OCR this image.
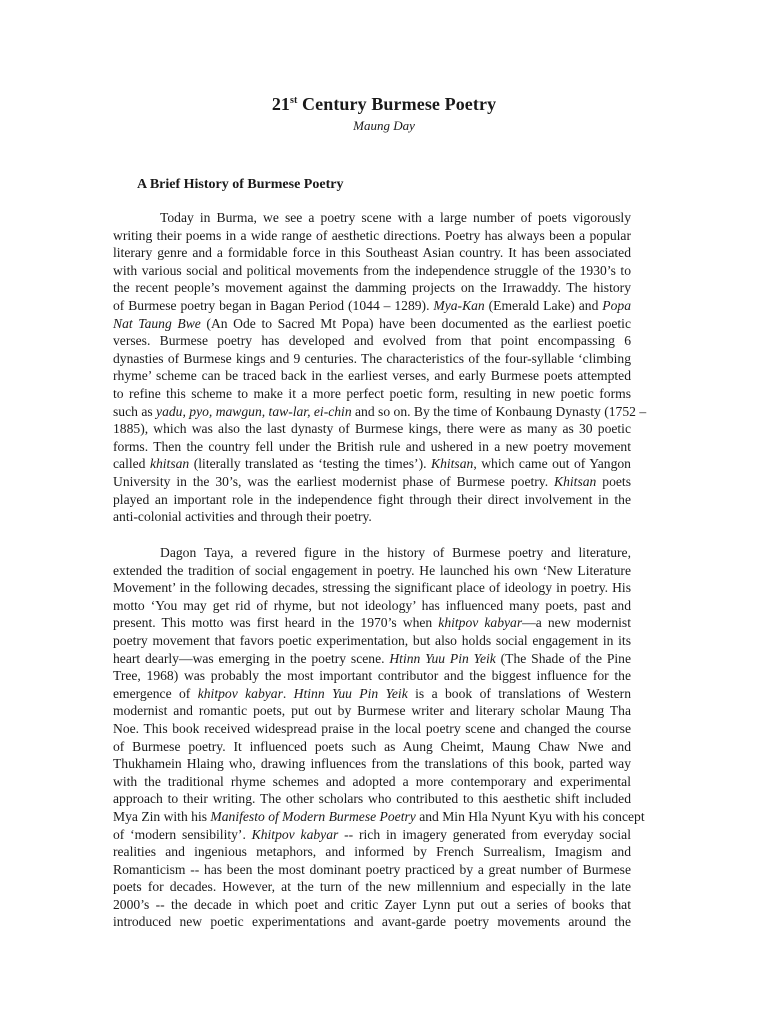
21st Century Burmese Poetry
Maung Day
A Brief History of Burmese Poetry
Today in Burma, we see a poetry scene with a large number of poets vigorously
writing their poems in a wide range of aesthetic directions. Poetry has always been a popular
literary genre and a formidable force in this Southeast Asian country. It has been associated
with various social and political movements from the independence struggle of the 1930’s to
the recent people’s movement against the damming projects on the Irrawaddy. The history
of Burmese poetry began in Bagan Period (1044 – 1289). Mya-Kan (Emerald Lake) and Popa
Nat Taung Bwe (An Ode to Sacred Mt Popa) have been documented as the earliest poetic
verses. Burmese poetry has developed and evolved from that point encompassing 6
dynasties of Burmese kings and 9 centuries. The characteristics of the four-syllable ‘climbing
rhyme’ scheme can be traced back in the earliest verses, and early Burmese poets attempted
to refine this scheme to make it a more perfect poetic form, resulting in new poetic forms
such as yadu, pyo, mawgun, taw-lar, ei-chin and so on. By the time of Konbaung Dynasty (1752 –
1885), which was also the last dynasty of Burmese kings, there were as many as 30 poetic
forms. Then the country fell under the British rule and ushered in a new poetry movement
called khitsan (literally translated as ‘testing the times’). Khitsan, which came out of Yangon
University in the 30’s, was the earliest modernist phase of Burmese poetry. Khitsan poets
played an important role in the independence fight through their direct involvement in the
anti-colonial activities and through their poetry.
Dagon Taya, a revered figure in the history of Burmese poetry and literature,
extended the tradition of social engagement in poetry. He launched his own ‘New Literature
Movement’ in the following decades, stressing the significant place of ideology in poetry. His
motto ‘You may get rid of rhyme, but not ideology’ has influenced many poets, past and
present. This motto was first heard in the 1970’s when khitpov kabyar—a new modernist
poetry movement that favors poetic experimentation, but also holds social engagement in its
heart dearly—was emerging in the poetry scene. Htinn Yuu Pin Yeik (The Shade of the Pine
Tree, 1968) was probably the most important contributor and the biggest influence for the
emergence of khitpov kabyar. Htinn Yuu Pin Yeik is a book of translations of Western
modernist and romantic poets, put out by Burmese writer and literary scholar Maung Tha
Noe. This book received widespread praise in the local poetry scene and changed the course
of Burmese poetry. It influenced poets such as Aung Cheimt, Maung Chaw Nwe and
Thukhamein Hlaing who, drawing influences from the translations of this book, parted way
with the traditional rhyme schemes and adopted a more contemporary and experimental
approach to their writing. The other scholars who contributed to this aesthetic shift included
Mya Zin with his Manifesto of Modern Burmese Poetry and Min Hla Nyunt Kyu with his concept
of ‘modern sensibility’. Khitpov kabyar -- rich in imagery generated from everyday social
realities and ingenious metaphors, and informed by French Surrealism, Imagism and
Romanticism -- has been the most dominant poetry practiced by a great number of Burmese
poets for decades. However, at the turn of the new millennium and especially in the late
2000’s -- the decade in which poet and critic Zayer Lynn put out a series of books that
introduced new poetic experimentations and avant-garde poetry movements around the
